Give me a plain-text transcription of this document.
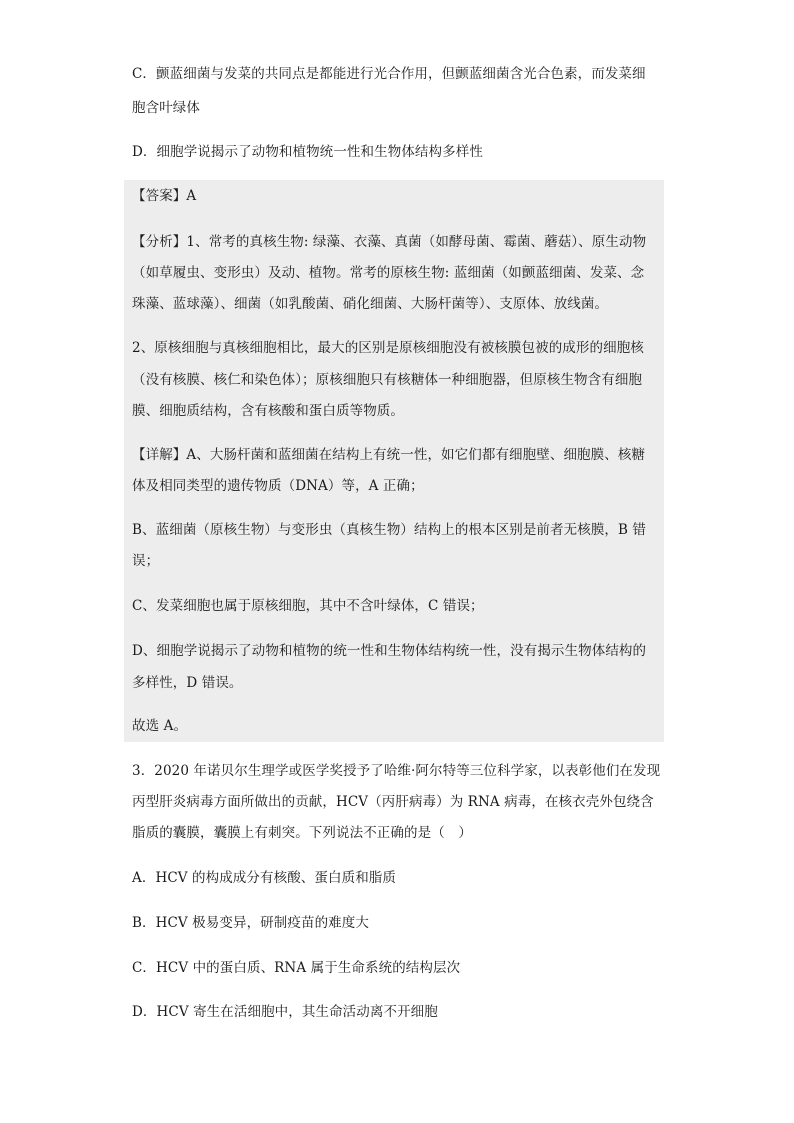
C．颤蓝细菌与发菜的共同点是都能进行光合作用，但颤蓝细菌含光合色素，而发菜细
胞含叶绿体
D．细胞学说揭示了动物和植物统一性和生物体结构多样性
【答案】A
【分析】1、常考的真核生物: 绿藻、衣藻、真菌（如酵母菌、霉菌、蘑菇）、原生动物
（如草履虫、变形虫）及动、植物。常考的原核生物: 蓝细菌（如颤蓝细菌、发菜、念
珠藻、蓝球藻）、细菌（如乳酸菌、硝化细菌、大肠杆菌等）、支原体、放线菌。
2、原核细胞与真核细胞相比，最大的区别是原核细胞没有被核膜包被的成形的细胞核
（没有核膜、核仁和染色体）；原核细胞只有核糖体一种细胞器，但原核生物含有细胞
膜、细胞质结构，含有核酸和蛋白质等物质。
【详解】A、大肠杆菌和蓝细菌在结构上有统一性，如它们都有细胞壁、细胞膜、核糖
体及相同类型的遗传物质（DNA）等，A 正确；
B、蓝细菌（原核生物）与变形虫（真核生物）结构上的根本区别是前者无核膜，B 错
误；
C、发菜细胞也属于原核细胞，其中不含叶绿体，C 错误；
D、细胞学说揭示了动物和植物的统一性和生物体结构统一性，没有揭示生物体结构的
多样性，D 错误。
故选 A。
3．2020 年诺贝尔生理学或医学奖授予了哈维·阿尔特等三位科学家，以表彰他们在发现
丙型肝炎病毒方面所做出的贡献，HCV（丙肝病毒）为 RNA 病毒，在核衣壳外包绕含
脂质的囊膜，囊膜上有刺突。下列说法不正确的是（　）
A．HCV 的构成成分有核酸、蛋白质和脂质
B．HCV 极易变异，研制疫苗的难度大
C．HCV 中的蛋白质、RNA 属于生命系统的结构层次
D．HCV 寄生在活细胞中，其生命活动离不开细胞
